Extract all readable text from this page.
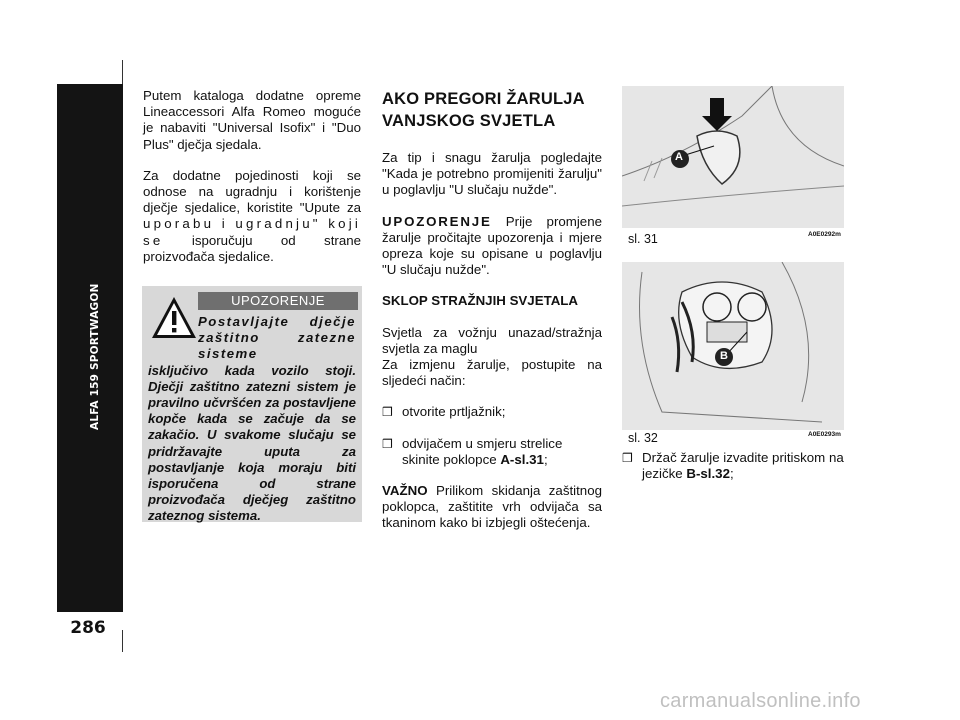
ALFA 159 SPORTWAGON
286

Putem kataloga dodatne opreme Lineaccessori Alfa Romeo moguće je nabaviti "Universal Isofix" i "Duo Plus" dječja sjedala.

Za dodatne pojedinosti koji se odnose na ugradnju i korištenje dječje sjedalice, koristite "Upute za uporabu i ugradnju" koji se isporučuju od strane proizvođača sjedalice.

UPOZORENJE
Postavljajte dječje zaštitno zatezne sisteme
isključivo kada vozilo stoji. Dječji zaštitno zatezni sistem je pravilno učvršćen za postavljene kopče kada se začuje da se zakačio. U svakome slučaju se pridržavajte uputa za postavljanje koja moraju biti isporučena od strane proizvođača dječjeg zaštitno zateznog sistema.
AKO PREGORI ŽARULJA VANJSKOG SVJETLA

Za tip i snagu žarulja pogledajte "Kada je potrebno promijeniti žarulju" u poglavlju "U slučaju nužde".

UPOZORENJE Prije promjene žarulje pročitajte upozorenja i mjere opreza koje su opisane u poglavlju "U slučaju nužde".

SKLOP STRAŽNJIH SVJETALA

Svjetla za vožnju unazad/stražnja svjetla za maglu

Za izmjenu žarulje, postupite na sljedeći način:

❒ otvorite prtljažnik;
❒ odvijačem u smjeru strelice skinite poklopce A-sl.31;

VAŽNO Prilikom skidanja zaštitnog poklopca, zaštitite vrh odvijača sa tkaninom kako bi izbjegli oštećenja.

A
sl. 31	A0E0292m
B
sl. 32	A0E0293m
❒ Držač žarulje izvadite pritiskom na jezičke B-sl.32;
carmanualsonline.info
